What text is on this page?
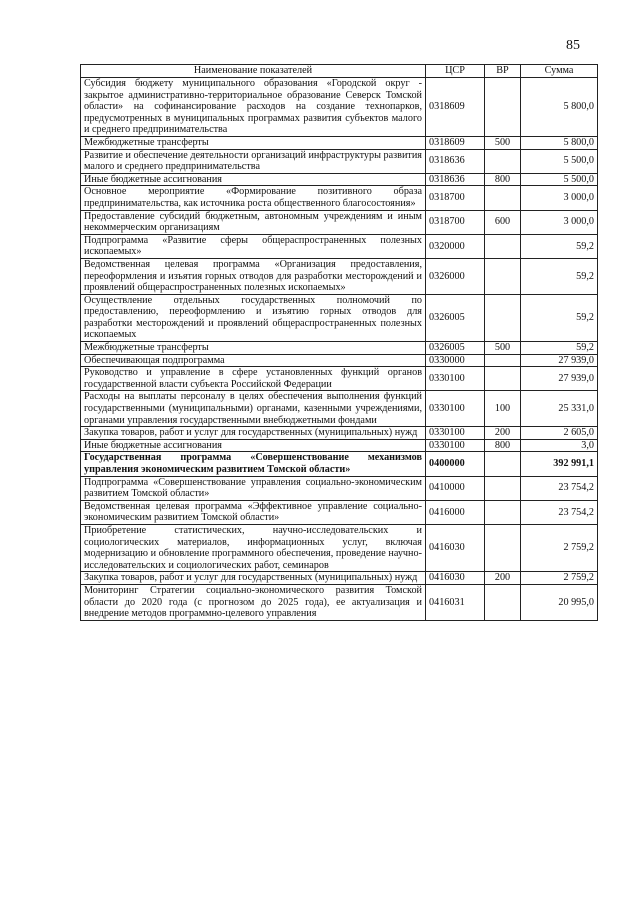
85
Наименование показателей	ЦСР	ВР	Сумма
Субсидия бюджету муниципального образования «Городской округ - закрытое административно-территориальное образование Северск Томской области» на софинансирование расходов на создание технопарков, предусмотренных в муниципальных программах развития субъектов малого и среднего предпринимательства	0318609		5 800,0
Межбюджетные трансферты	0318609	500	5 800,0
Развитие и обеспечение деятельности организаций инфраструктуры развития малого и среднего предпринимательства	0318636		5 500,0
Иные бюджетные ассигнования	0318636	800	5 500,0
Основное мероприятие «Формирование позитивного образа предпринимательства, как источника роста общественного благосостояния»	0318700		3 000,0
Предоставление субсидий бюджетным, автономным учреждениям и иным некоммерческим организациям	0318700	600	3 000,0
Подпрограмма «Развитие сферы общераспространенных полезных ископаемых»	0320000		59,2
Ведомственная целевая программа «Организация предоставления, переоформления и изъятия горных отводов для разработки месторождений и проявлений общераспространенных полезных ископаемых»	0326000		59,2
Осуществление отдельных государственных полномочий по предоставлению, переоформлению и изъятию горных отводов для разработки месторождений и проявлений общераспространенных полезных ископаемых	0326005		59,2
Межбюджетные трансферты	0326005	500	59,2
Обеспечивающая подпрограмма	0330000		27 939,0
Руководство и управление в сфере установленных функций органов государственной власти субъекта Российской Федерации	0330100		27 939,0
Расходы на выплаты персоналу в целях обеспечения выполнения функций государственными (муниципальными) органами, казенными учреждениями, органами управления государственными внебюджетными фондами	0330100	100	25 331,0
Закупка товаров, работ и услуг для государственных (муниципальных) нужд	0330100	200	2 605,0
Иные бюджетные ассигнования	0330100	800	3,0
Государственная программа «Совершенствование механизмов управления экономическим развитием Томской области»	0400000		392 991,1
Подпрограмма «Совершенствование управления социально-экономическим развитием Томской области»	0410000		23 754,2
Ведомственная целевая программа «Эффективное управление социально-экономическим развитием Томской области»	0416000		23 754,2
Приобретение статистических, научно-исследовательских и социологических материалов, информационных услуг, включая модернизацию и обновление программного обеспечения, проведение научно-исследовательских и социологических работ, семинаров	0416030		2 759,2
Закупка товаров, работ и услуг для государственных (муниципальных) нужд	0416030	200	2 759,2
Мониторинг Стратегии социально-экономического развития Томской области до 2020 года (с прогнозом до 2025 года), ее актуализация и внедрение методов программно-целевого управления	0416031		20 995,0
